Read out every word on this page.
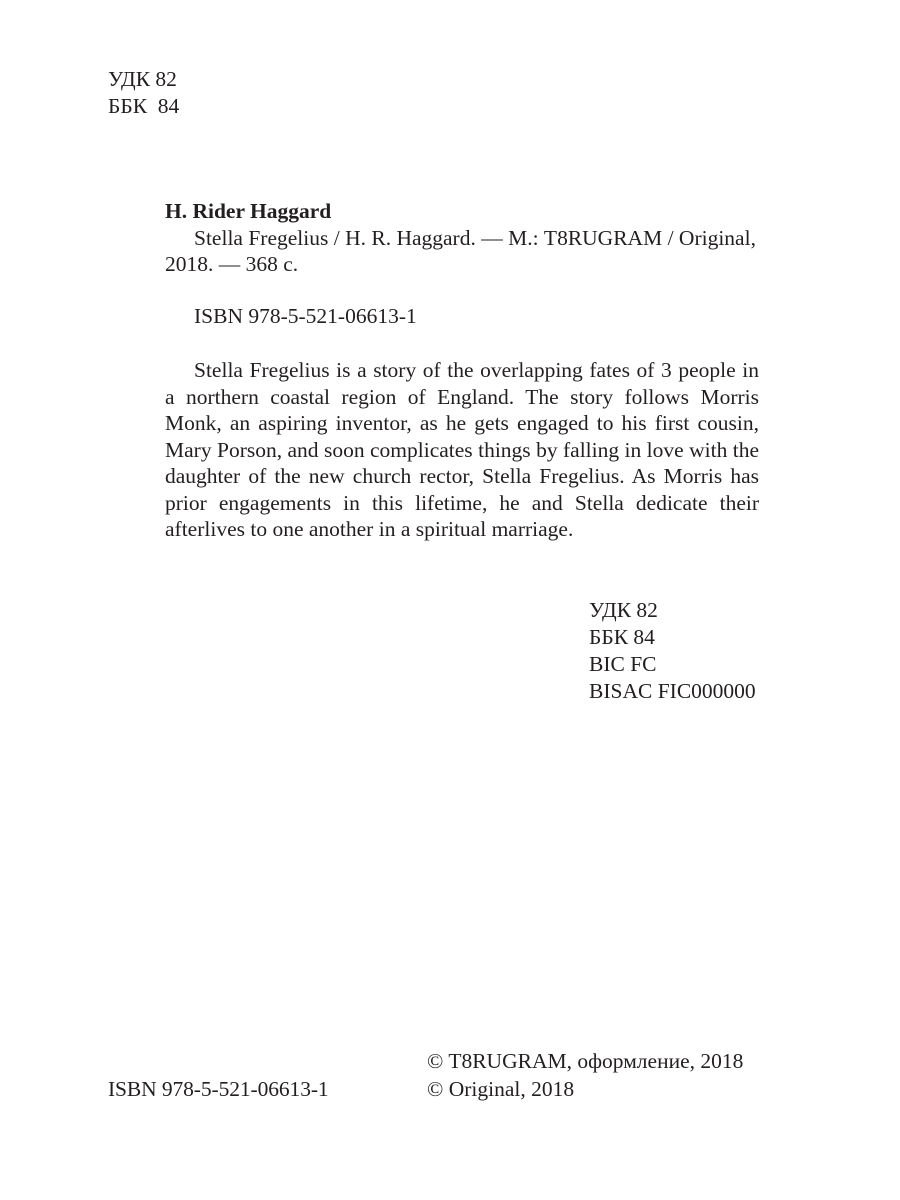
УДК 82
ББК  84
H. Rider Haggard
Stella Fregelius / H. R. Haggard. — М.: T8RUGRAM / Original, 2018. — 368 с.
ISBN 978-5-521-06613-1
Stella Fregelius is a story of the overlapping fates of 3 people in a northern coastal region of England. The story follows Morris Monk, an aspiring inventor, as he gets engaged to his first cousin, Mary Porson, and soon complicates things by falling in love with the daughter of the new church rector, Stella Fregelius. As Morris has prior engagements in this lifetime, he and Stella dedicate their afterlives to one another in a spiritual marriage.
УДК 82
ББК 84
BIC FC
BISAC FIC000000
ISBN 978-5-521-06613-1
© T8RUGRAM, оформление, 2018
© Original, 2018
